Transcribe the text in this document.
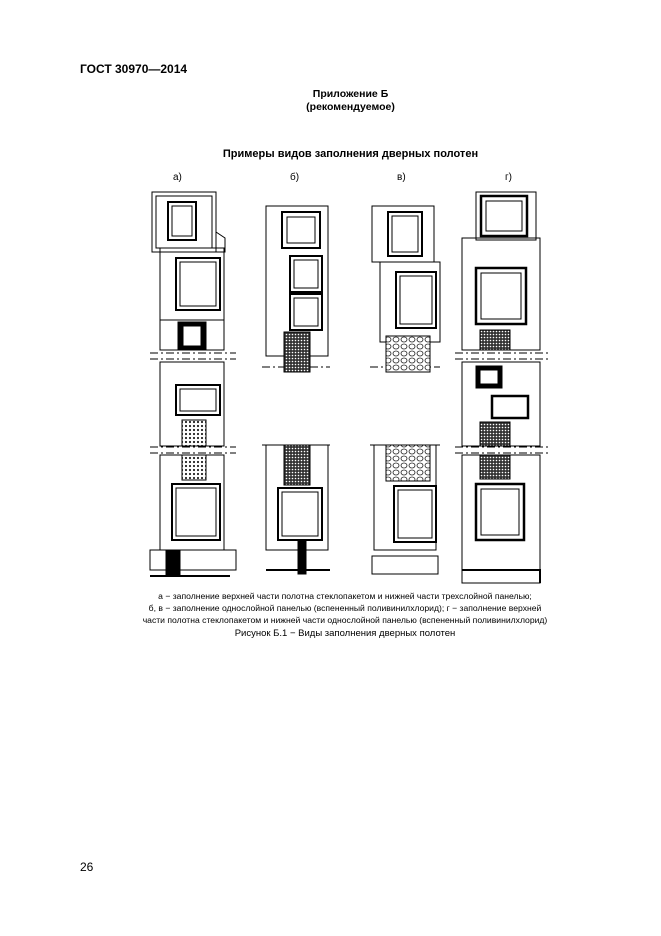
ГОСТ 30970—2014
Приложение Б
(рекомендуемое)
Примеры видов заполнения дверных полотен
а)	б)	в)	г)
а − заполнение верхней части полотна стеклопакетом и нижней части трехслойной панелью;
б, в − заполнение однослойной панелью (вспененный поливинилхлорид); г − заполнение верхней
части полотна стеклопакетом и нижней части однослойной панелью (вспененный поливинилхлорид)
Рисунок Б.1 − Виды заполнения дверных полотен
26
